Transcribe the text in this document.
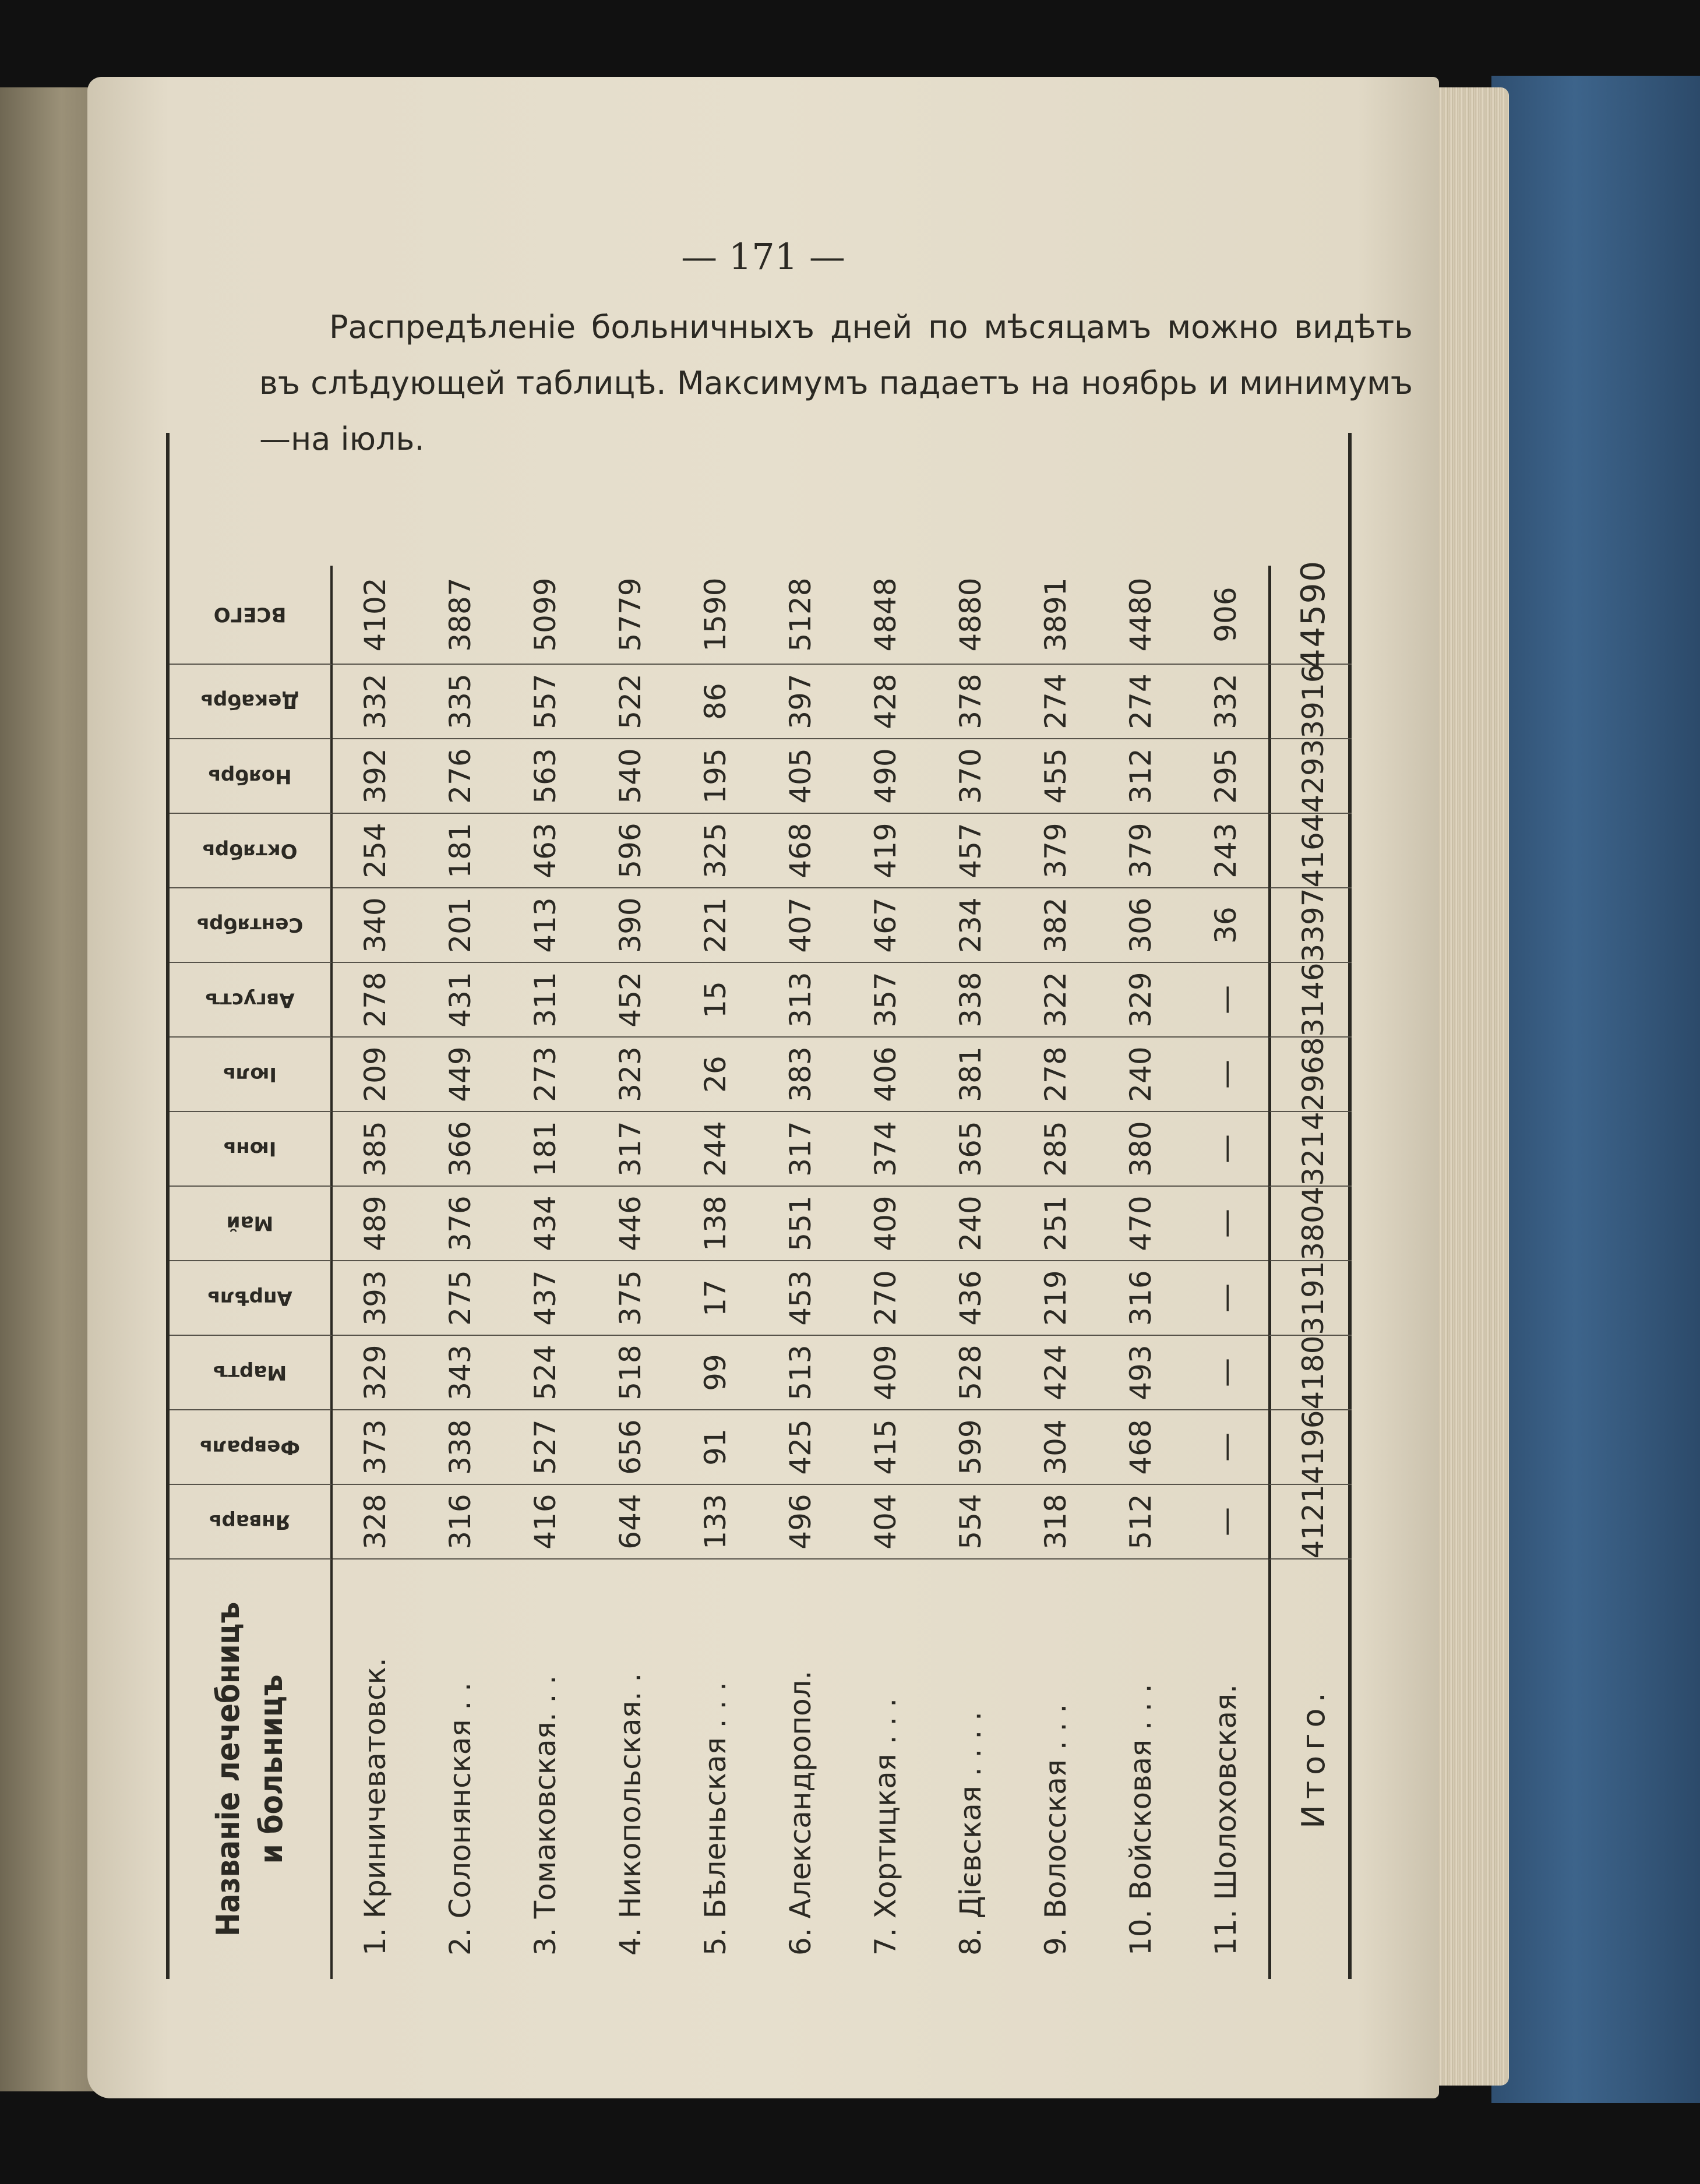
— 171 —

Распредѣленіе больничныхъ дней по мѣсяцамъ можно видѣть въ слѣдующей таблицѣ. Максимумъ падаетъ на ноябрь и минимумъ—на іюль.

Названіе лечебницъ и больницъ
Январь
Февраль
Мартъ
Апрѣль
Май
Іюнь
Іюль
Августъ
Сентябрь
Октябрь
Ноябрь
Декабрь
ВСЕГО
1. Криничеватовск.
328
373
329
393
489
385
209
278
340
254
392
332
4102
2. Солонянская . .
316
338
343
275
376
366
449
431
201
181
276
335
3887
3. Томаковская. . .
416
527
524
437
434
181
273
311
413
463
563
557
5099
4. Никопольская. .
644
656
518
375
446
317
323
452
390
596
540
522
5779
5. Бѣленьская . . .
133
91
99
17
138
244
26
15
221
325
195
86
1590
6. Александропол.
496
425
513
453
551
317
383
313
407
468
405
397
5128
7. Хортицкая . . .
404
415
409
270
409
374
406
357
467
419
490
428
4848
8. Дієвская . . . .
554
599
528
436
240
365
381
338
234
457
370
378
4880
9. Волосская . . .
318
304
424
219
251
285
278
322
382
379
455
274
3891
10. Войсковая . . .
512
468
493
316
470
380
240
329
306
379
312
274
4480
11. Шолоховская.
—
—
—
—
—
—
—
—
36
243
295
332
906
Итого.
4121
4196
4180
3191
3804
3214
2968
3146
3397
4164
4293
3916
44590
